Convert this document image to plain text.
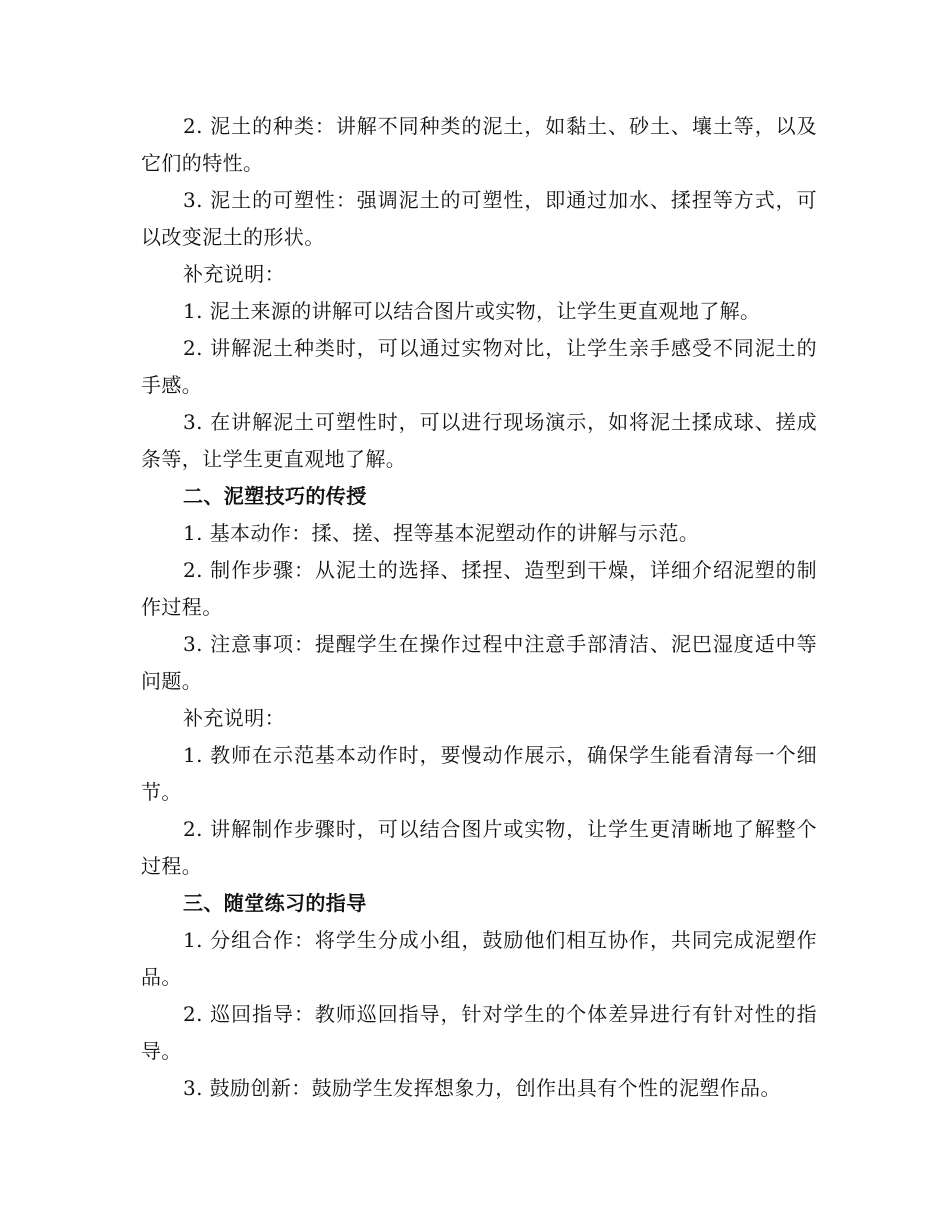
2. 泥土的种类：讲解不同种类的泥土，如黏土、砂土、壤土等，以及它们的特性。

3. 泥土的可塑性：强调泥土的可塑性，即通过加水、揉捏等方式，可以改变泥土的形状。

补充说明：

1. 泥土来源的讲解可以结合图片或实物，让学生更直观地了解。

2. 讲解泥土种类时，可以通过实物对比，让学生亲手感受不同泥土的手感。

3. 在讲解泥土可塑性时，可以进行现场演示，如将泥土揉成球、搓成条等，让学生更直观地了解。

二、泥塑技巧的传授

1. 基本动作：揉、搓、捏等基本泥塑动作的讲解与示范。

2. 制作步骤：从泥土的选择、揉捏、造型到干燥，详细介绍泥塑的制作过程。

3. 注意事项：提醒学生在操作过程中注意手部清洁、泥巴湿度适中等问题。

补充说明：

1. 教师在示范基本动作时，要慢动作展示，确保学生能看清每一个细节。

2. 讲解制作步骤时，可以结合图片或实物，让学生更清晰地了解整个过程。

三、随堂练习的指导

1. 分组合作：将学生分成小组，鼓励他们相互协作，共同完成泥塑作品。

2. 巡回指导：教师巡回指导，针对学生的个体差异进行有针对性的指导。

3. 鼓励创新：鼓励学生发挥想象力，创作出具有个性的泥塑作品。
